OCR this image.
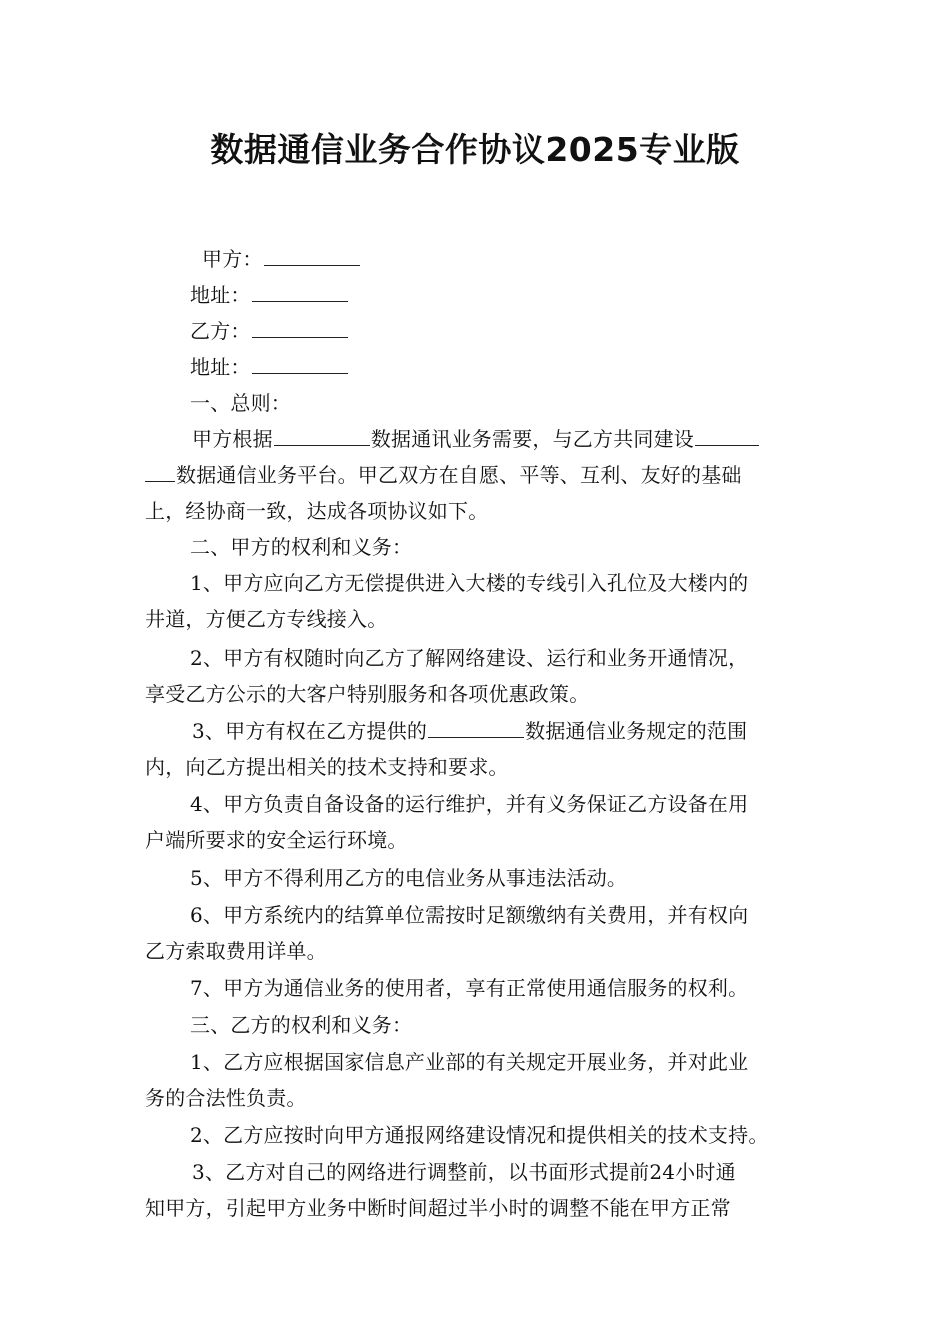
数据通信业务合作协议2025专业版
甲方：
地址：
乙方：
地址：
一、总则：
甲方根据	数据通讯业务需要，与乙方共同建设
数据通信业务平台。甲乙双方在自愿、平等、互利、友好的基础
上，经协商一致，达成各项协议如下。
二、甲方的权利和义务：
1、甲方应向乙方无偿提供进入大楼的专线引入孔位及大楼内的
井道，方便乙方专线接入。
2、甲方有权随时向乙方了解网络建设、运行和业务开通情况，
享受乙方公示的大客户特别服务和各项优惠政策。
3、甲方有权在乙方提供的	数据通信业务规定的范围
内，向乙方提出相关的技术支持和要求。
4、甲方负责自备设备的运行维护，并有义务保证乙方设备在用
户端所要求的安全运行环境。
5、甲方不得利用乙方的电信业务从事违法活动。
6、甲方系统内的结算单位需按时足额缴纳有关费用，并有权向
乙方索取费用详单。
7、甲方为通信业务的使用者，享有正常使用通信服务的权利。
三、乙方的权利和义务：
1、乙方应根据国家信息产业部的有关规定开展业务，并对此业
务的合法性负责。
2、乙方应按时向甲方通报网络建设情况和提供相关的技术支持。
3、乙方对自己的网络进行调整前，以书面形式提前24小时通
知甲方，引起甲方业务中断时间超过半小时的调整不能在甲方正常
